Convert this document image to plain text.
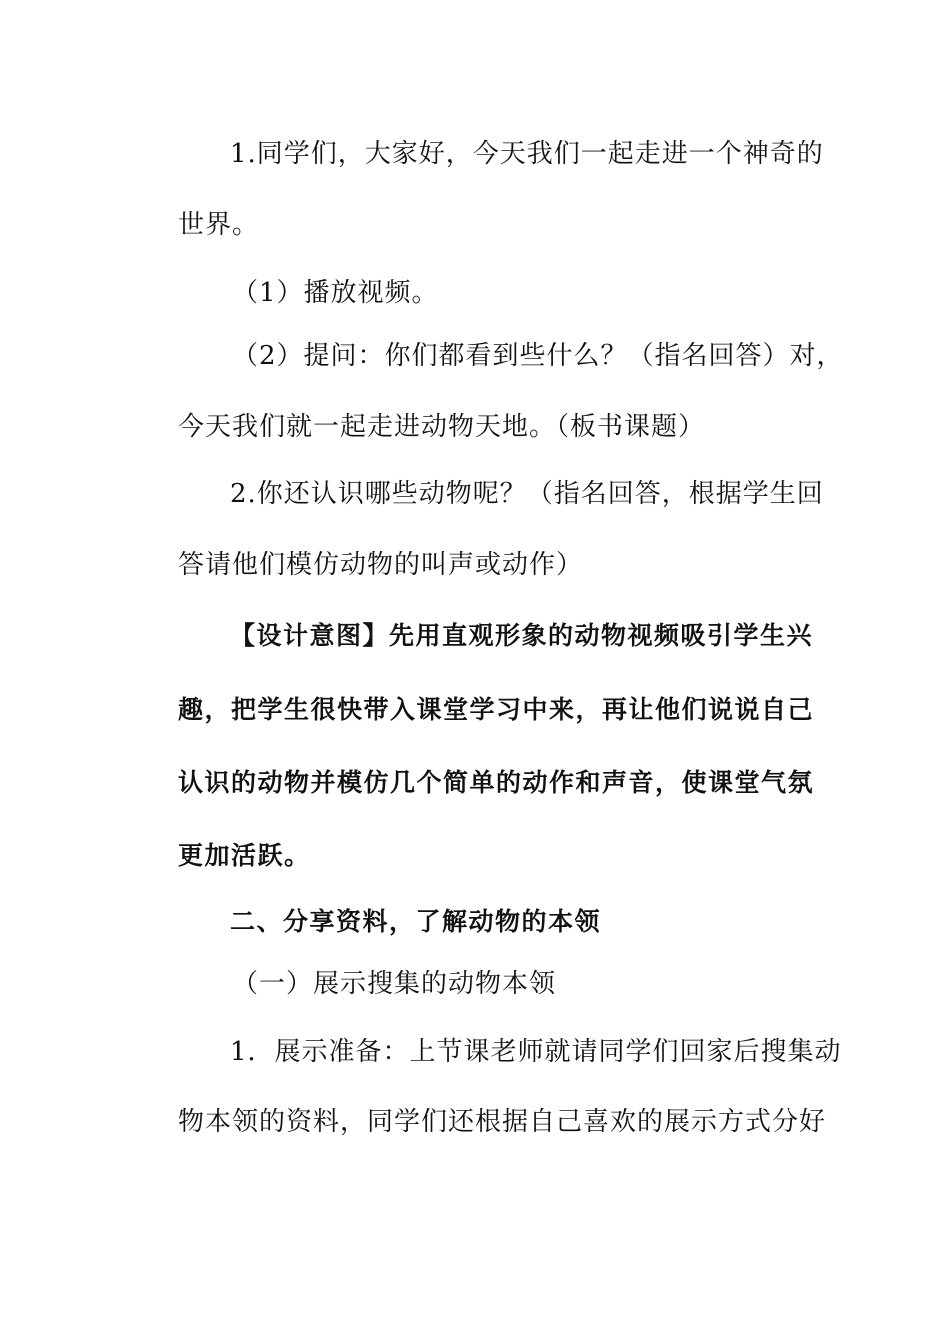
1.同学们，大家好，今天我们一起走进一个神奇的
世界。
（1）播放视频。
（2）提问：你们都看到些什么？（指名回答）对，
今天我们就一起走进动物天地。（板书课题）
2.你还认识哪些动物呢？（指名回答，根据学生回
答请他们模仿动物的叫声或动作）
【设计意图】先用直观形象的动物视频吸引学生兴
趣，把学生很快带入课堂学习中来，再让他们说说自己
认识的动物并模仿几个简单的动作和声音，使课堂气氛
更加活跃。
二、分享资料，了解动物的本领
（一）展示搜集的动物本领
1．展示准备：上节课老师就请同学们回家后搜集动
物本领的资料，同学们还根据自己喜欢的展示方式分好
